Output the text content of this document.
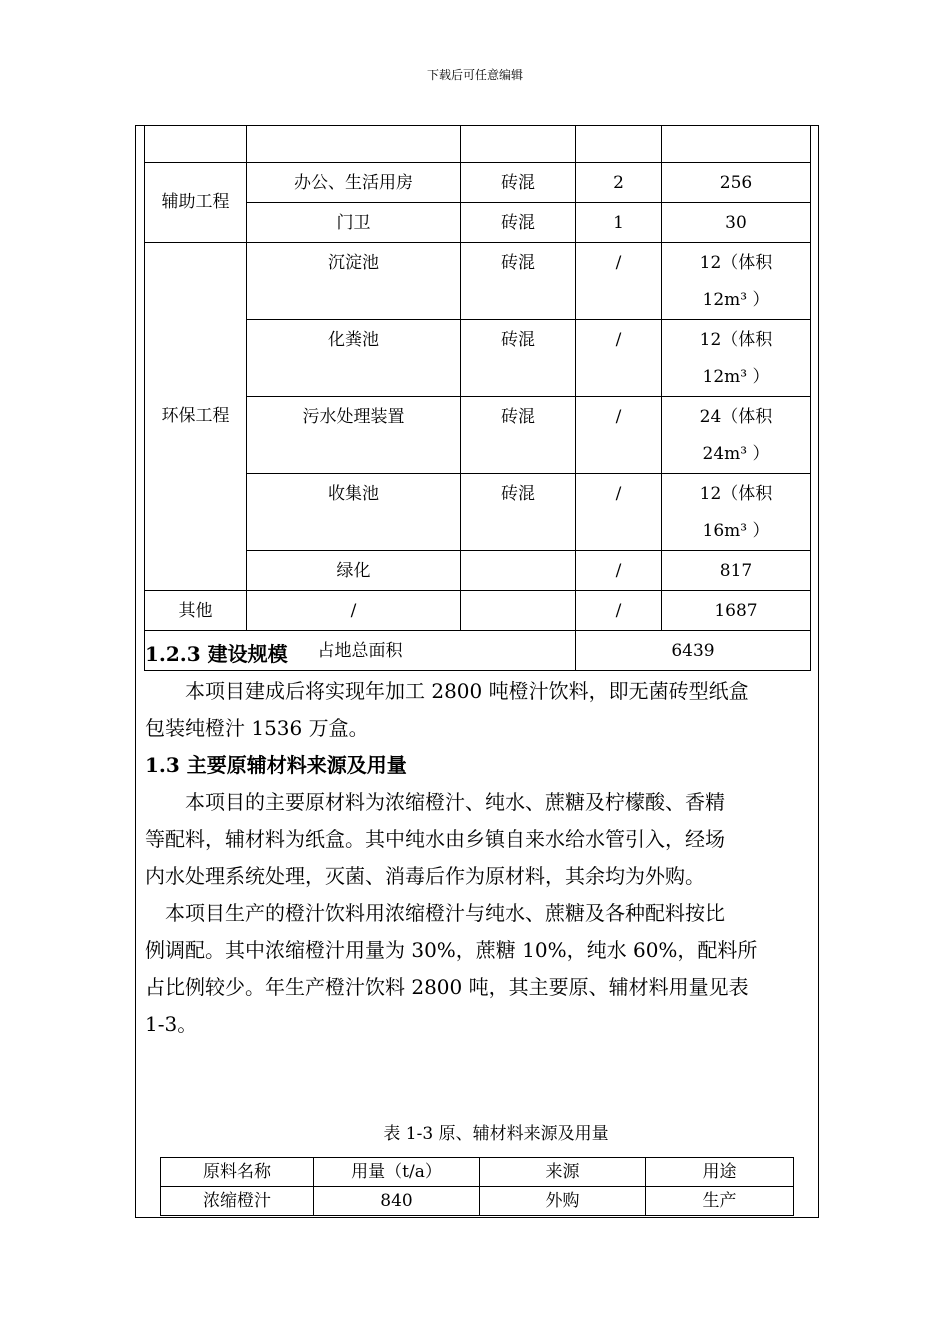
下载后可任意编辑

辅助工程	办公、生活用房	砖混	2	256
	门卫	砖混	1	30
环保工程	沉淀池	砖混	/	12（体积
12m³ ）

	化粪池	砖混	/	12（体积
12m³ ）

	污水处理装置	砖混	/	24（体积
24m³ ）

	收集池	砖混	/	12（体积
16m³ ）

	绿化		/	817
其他	/		/	1687
占地总面积			6439	
1.2.3 建设规模
本项目建成后将实现年加工 2800 吨橙汁饮料，即无菌砖型纸盒
包装纯橙汁 1536 万盒。
1.3 主要原辅材料来源及用量
本项目的主要原材料为浓缩橙汁、纯水、蔗糖及柠檬酸、香精
等配料，辅材料为纸盒。其中纯水由乡镇自来水给水管引入，经场
内水处理系统处理，灭菌、消毒后作为原材料，其余均为外购。
本项目生产的橙汁饮料用浓缩橙汁与纯水、蔗糖及各种配料按比
例调配。其中浓缩橙汁用量为 30%，蔗糖 10%，纯水 60%，配料所
占比例较少。年生产橙汁饮料 2800 吨，其主要原、辅材料用量见表
1-3。
表 1-3 原、辅材料来源及用量
原料名称	用量（t/a）	来源	用途
浓缩橙汁	840	外购	生产
